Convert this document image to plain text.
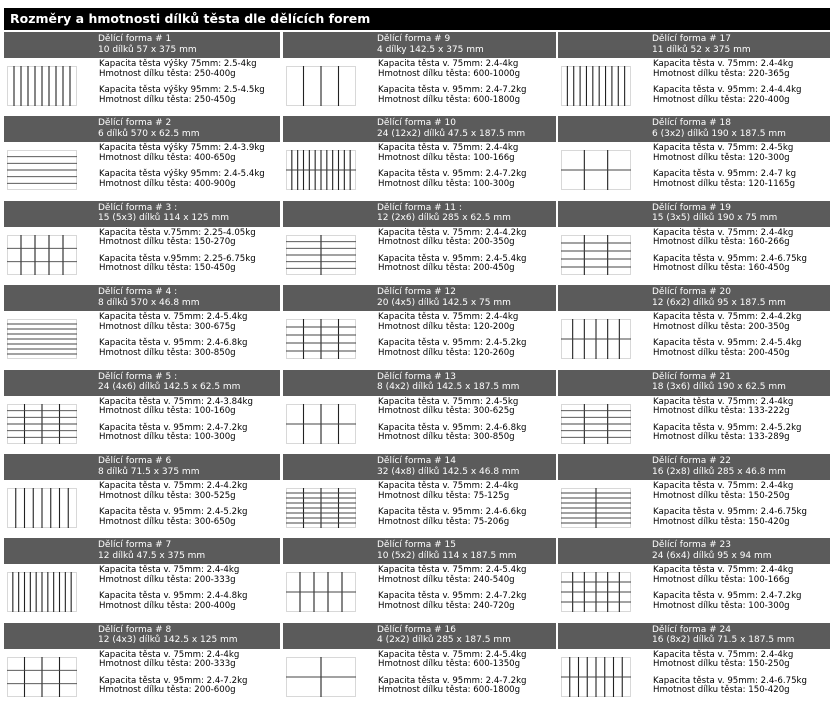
Rozměry a hmotnosti dílků těsta dle dělících forem
Dělící forma # 1
10 dílků 57 x 375 mm
Kapacita těsta výšky 75mm: 2.5-4kg
Hmotnost dílku těsta: 250-400g
Kapacita těsta výšky 95mm: 2.5-4.5kg
Hmotnost dílku těsta: 250-450g
Dělící forma # 2
6 dílků 570 x 62.5 mm
Kapacita těsta výšky 75mm: 2.4-3.9kg
Hmotnost dílku těsta: 400-650g
Kapacita těsta výšky 95mm: 2.4-5.4kg
Hmotnost dílku těsta: 400-900g
Dělící forma # 3 :
15 (5x3) dílků 114 x 125 mm
Kapacita těsta v.75mm: 2.25-4.05kg
Hmotnost dílku těsta: 150-270g
Kapacita těsta v.95mm: 2.25-6.75kg
Hmotnost dílku těsta: 150-450g
Dělící forma # 4 :
8 dílků 570 x 46.8 mm
Kapacita těsta v. 75mm: 2.4-5.4kg
Hmotnost dílku těsta: 300-675g
Kapacita těsta v. 95mm: 2.4-6.8kg
Hmotnost dílku těsta: 300-850g
Dělící forma # 5 :
24 (4x6) dílků 142.5 x 62.5 mm
Kapacita těsta v. 75mm: 2.4-3.84kg
Hmotnost dílku těsta: 100-160g
Kapacita těsta v. 95mm: 2.4-7.2kg
Hmotnost dílku těsta: 100-300g
Dělící forma # 6
8 dílků 71.5 x 375 mm
Kapacita těsta v. 75mm: 2.4-4.2kg
Hmotnost dílku těsta: 300-525g
Kapacita těsta v. 95mm: 2.4-5.2kg
Hmotnost dílku těsta: 300-650g
Dělící forma # 7
12 dílků 47.5 x 375 mm
Kapacita těsta v. 75mm: 2.4-4kg
Hmotnost dílku těsta: 200-333g
Kapacita těsta v. 95mm: 2.4-4.8kg
Hmotnost dílku těsta: 200-400g
Dělící forma # 8
12 (4x3) dílků 142.5 x 125 mm
Kapacita těsta v. 75mm: 2.4-4kg
Hmotnost dílku těsta: 200-333g
Kapacita těsta v. 95mm: 2.4-7.2kg
Hmotnost dílku těsta: 200-600g
Dělící forma # 9
4 dílky 142.5 x 375 mm
Kapacita těsta v. 75mm: 2.4-4kg
Hmotnost dílku těsta: 600-1000g
Kapacita těsta v. 95mm: 2.4-7.2kg
Hmotnost dílku těsta: 600-1800g
Dělící forma # 10
24 (12x2) dílků 47.5 x 187.5 mm
Kapacita těsta v. 75mm: 2.4-4kg
Hmotnost dílku těsta: 100-166g
Kapacita těsta v. 95mm: 2.4-7.2kg
Hmotnost dílku těsta: 100-300g
Dělící forma # 11 :
12 (2x6) dílků 285 x 62.5 mm
Kapacita těsta v. 75mm: 2.4-4.2kg
Hmotnost dílku těsta: 200-350g
Kapacita těsta v. 95mm: 2.4-5.4kg
Hmotnost dílku těsta: 200-450g
Dělící forma # 12
20 (4x5) dílků 142.5 x 75 mm
Kapacita těsta v. 75mm: 2.4-4kg
Hmotnost dílku těsta: 120-200g
Kapacita těsta v. 95mm: 2.4-5.2kg
Hmotnost dílku těsta: 120-260g
Dělící forma # 13
8 (4x2) dílků 142.5 x 187.5 mm
Kapacita těsta v. 75mm: 2.4-5kg
Hmotnost dílku těsta: 300-625g
Kapacita těsta v. 95mm: 2.4-6.8kg
Hmotnost dílku těsta: 300-850g
Dělící forma # 14
32 (4x8) dílků 142.5 x 46.8 mm
Kapacita těsta v. 75mm: 2.4-4kg
Hmotnost dílku těsta: 75-125g
Kapacita těsta v. 95mm: 2.4-6.6kg
Hmotnost dílku těsta: 75-206g
Dělící forma # 15
10 (5x2) dílků 114 x 187.5 mm
Kapacita těsta v. 75mm: 2.4-5.4kg
Hmotnost dílku těsta: 240-540g
Kapacita těsta v. 95mm: 2.4-7.2kg
Hmotnost dílku těsta: 240-720g
Dělící forma # 16
4 (2x2) dílků 285 x 187.5 mm
Kapacita těsta v. 75mm: 2.4-5.4kg
Hmotnost dílku těsta: 600-1350g
Kapacita těsta v. 95mm: 2.4-7.2kg
Hmotnost dílku těsta: 600-1800g
Dělící forma # 17
11 dílků 52 x 375 mm
Kapacita těsta v. 75mm: 2.4-4kg
Hmotnost dílku těsta: 220-365g
Kapacita těsta v. 95mm: 2.4-4.4kg
Hmotnost dílku těsta: 220-400g
Dělící forma # 18
6 (3x2) dílků 190 x 187.5 mm
Kapacita těsta v. 75mm: 2.4-5kg
Hmotnost dílku těsta: 120-300g
Kapacita těsta v. 95mm: 2.4-7 kg
Hmotnost dílku těsta: 120-1165g
Dělící forma # 19
15 (3x5) dílků 190 x 75 mm
Kapacita těsta v. 75mm: 2.4-4kg
Hmotnost dílku těsta: 160-266g
Kapacita těsta v. 95mm: 2.4-6.75kg
Hmotnost dílku těsta: 160-450g
Dělící forma # 20
12 (6x2) dílků 95 x 187.5 mm
Kapacita těsta v. 75mm: 2.4-4.2kg
Hmotnost dílku těsta: 200-350g
Kapacita těsta v. 95mm: 2.4-5.4kg
Hmotnost dílku těsta: 200-450g
Dělící forma # 21
18 (3x6) dílků 190 x 62.5 mm
Kapacita těsta v. 75mm: 2.4-4kg
Hmotnost dílku těsta: 133-222g
Kapacita těsta v. 95mm: 2.4-5.2kg
Hmotnost dílku těsta: 133-289g
Dělící forma # 22
16 (2x8) dílků 285 x 46.8 mm
Kapacita těsta v. 75mm: 2.4-4kg
Hmotnost dílku těsta: 150-250g
Kapacita těsta v. 95mm: 2.4-6.75kg
Hmotnost dílku těsta: 150-420g
Dělící forma # 23
24 (6x4) dílků 95 x 94 mm
Kapacita těsta v. 75mm: 2.4-4kg
Hmotnost dílku těsta: 100-166g
Kapacita těsta v. 95mm: 2.4-7.2kg
Hmotnost dílku těsta: 100-300g
Dělící forma # 24
16 (8x2) dílků 71.5 x 187.5 mm
Kapacita těsta v. 75mm: 2.4-4kg
Hmotnost dílku těsta: 150-250g
Kapacita těsta v. 95mm: 2.4-6.75kg
Hmotnost dílku těsta: 150-420g
